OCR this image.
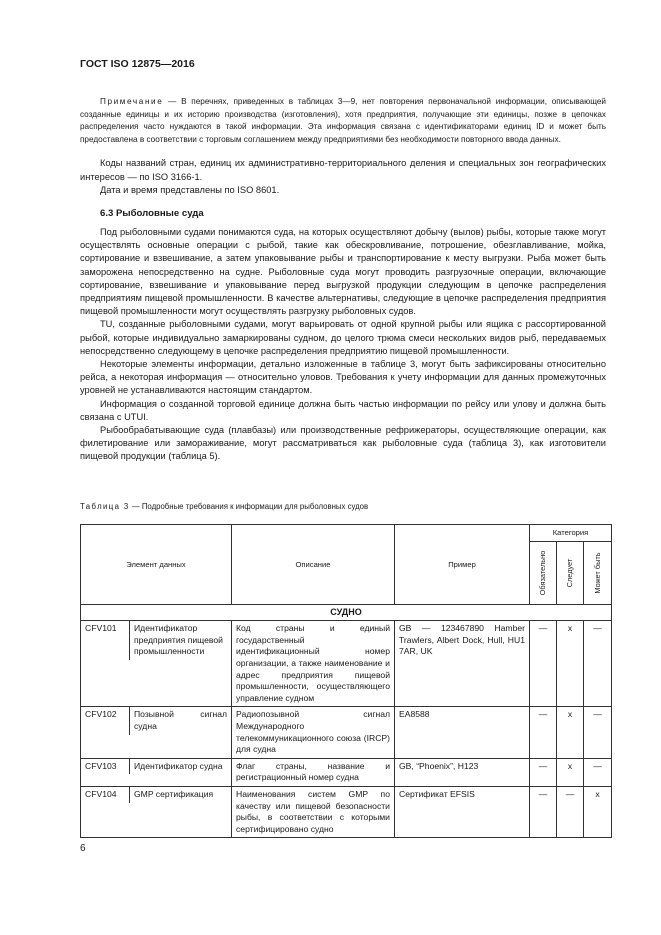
ГОСТ ISO 12875—2016
Примечание — В перечнях, приведенных в таблицах 3—9, нет повторения первоначальной информации, описывающей созданные единицы и их историю производства (изготовления), хотя предприятия, получающие эти единицы, позже в цепочках распределения часто нуждаются в такой информации. Эта информация связана с идентификаторами единиц ID и может быть предоставлена в соответствии с торговым соглашением между предприятиями без необходимости повторного ввода данных.
Коды названий стран, единиц их административно-территориального деления и специальных зон географических интересов — по ISO 3166-1.
Дата и время представлены по ISO 8601.
6.3 Рыболовные суда

Под рыболовными судами понимаются суда, на которых осуществляют добычу (вылов) рыбы, которые также могут осуществлять основные операции с рыбой, такие как обескровливание, потрошение, обезглавливание, мойка, сортирование и взвешивание, а затем упаковывание рыбы и транспортирование к месту выгрузки. Рыба может быть заморожена непосредственно на судне. Рыболовные суда могут проводить разгрузочные операции, включающие сортирование, взвешивание и упаковывание перед выгрузкой продукции следующим в цепочке распределения предприятиям пищевой промышленности. В качестве альтернативы, следующие в цепочке распределения предприятия пищевой промышленности могут осуществлять разгрузку рыболовных судов.

TU, созданные рыболовными судами, могут варьировать от одной крупной рыбы или ящика с рассортированной рыбой, которые индивидуально замаркированы судном, до целого трюма смеси нескольких видов рыб, передаваемых непосредственно следующему в цепочке распределения предприятию пищевой промышленности.

Некоторые элементы информации, детально изложенные в таблице 3, могут быть зафиксированы относительно рейса, а некоторая информация — относительно уловов. Требования к учету информации для данных промежуточных уровней не устанавливаются настоящим стандартом.

Информация о созданной торговой единице должна быть частью информации по рейсу или улову и должна быть связана с UTUI.

Рыбообрабатывающие суда (плавбазы) или производственные рефрижераторы, осуществляющие операции, как филетирование или замораживание, могут рассматриваться как рыболовные суда (таблица 3), как изготовители пищевой продукции (таблица 5).

Таблица 3 — Подробные требования к информации для рыболовных судов
Элемент данных	Описание	Пример	Категория		

			Обязательно	Следует	Может быть

СУДНО					

CFV101 Идентификатор предприятия пищевой промышленности	Код страны и единый государственный идентификационный номер организации, а также наименование и адрес предприятия пищевой промышленности, осуществляющего управление судном	GB — 123467890 Hamber Trawlers, Albert Dock, Hull, HU1 7AR, UK	—	x	—

CFV102 Позывной сигнал судна	Радиопозывной сигнал Международного телекоммуникационного союза (IRCP) для судна	EA8588	—	x	—

CFV103 Идентификатор судна	Флаг страны, название и регистрационный номер судна	GB, “Phoenix”, H123	—	x	—

CFV104 GMP сертификация	Наименования систем GMP по качеству или пищевой безопасности рыбы, в соответствии с которыми сертифицировано судно	Сертификат EFSIS	—	—	x
6
